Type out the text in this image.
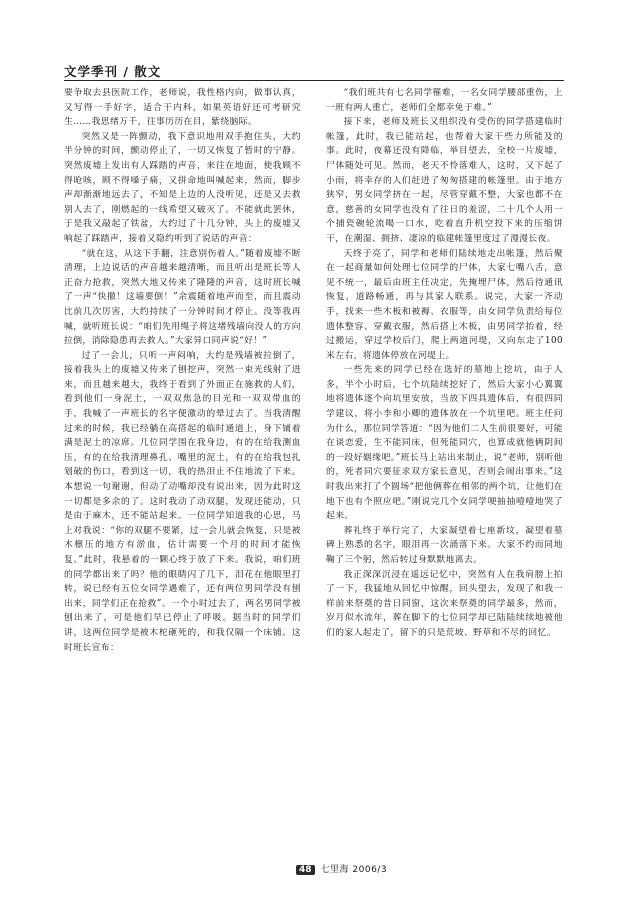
文学季刊 / 散文

要争取去县医院工作，老师说，我性格内向，做事认真，又写得一手好字，适合干内科，如果英语好还可考研究生……我思绪万千，往事历历在目，紫绕脑际。

突然又是一阵颤动，我下意识地用双手抱住头，大约半分钟的时间，颤动停止了，一切又恢复了暂时的宁静。突然废墟上发出有人踩踏的声音，来往在地面，使我顾不得呛咳，顾不得嗓子痛，又拼命地叫喊起来，然而，脚步声却渐渐地远去了，不知是上边的人没听见，还是又去救别人去了，刚燃起的一线希望又破灭了。不能就此罢休，于是我又敲起了铁盆，大约过了十几分钟，头上的废墟又响起了踩踏声，接着又隐约听到了说话的声音：

“就在这，从这下手翻，注意别伤着人。”随着废墟不断清理，上边说话的声音越来越清晰，而且听出是班长等人正奋力抢救，突然大地又传来了隆隆的声音，这时班长喊了一声“快撤！这墙要倒！”余震随着地声而至，而且震动比前几次厉害，大约持续了一分钟时间才停止。没等我再喊，就听班长说：“咱们先用绳子将这堵残墙向没人的方向拉倒，消除隐患再去救人。”大家异口同声说“好！”

过了一会儿，只听一声闷响，大约是残墙被拉倒了，接着我头上的废墟又传来了刨挖声，突然一束光线射了进来，而且越来越大，我终于看到了外面正在施救的人们，看到他们一身泥土，一双双焦急的目光和一双双带血的手，我喊了一声班长的名字便激动的晕过去了。当我清醒过来的时候，我已经躺在高搭起的临时通道上，身下铺着满是泥土的凉席。几位同学围在我身边，有的在给我测血压，有的在给我清理鼻孔、嘴里的泥土，有的在给我包扎划破的伤口，看到这一切，我的热泪止不住地流了下来。本想说一句谢谢，但动了动嘴却没有说出来，因为此时这一切都是多余的了。这时我动了动双腿，发现还能动，只是由于麻木，还不能站起来。一位同学知道我的心思，马上对我说：“你的双腿不要紧，过一会儿就会恢复，只是被木檩压的地方有淤血，估计需要一个月的时间才能恢复。”此时，我悬着的一颗心终于放了下来。我说，咱们班的同学都出来了吗？他的眼睛闪了几下，泪花在他眼里打转，说已经有五位女同学遇难了，还有两位男同学没有刨出来，同学们正在抢救”。一个小时过去了，两名男同学被刨出来了，可是他们早已停止了呼吸。据当时的同学们讲，这两位同学是被木柁砸死的，和我仅隔一个床铺。这时班长宣布：

“我们班共有七名同学罹难，一名女同学腰部重伤，上一班有两人重亡，老师们全都幸免于难。”

接下来，老师及班长又组织没有受伤的同学搭建临时帐篷，此时，我已能站起，也帮着大家干些力所能及的事。此时，夜幕还没有降临，举目望去，全校一片废墟，尸体随处可见。然而，老天不怜落难人，这时，又下起了小雨，将幸存的人们赶进了匆匆搭建的帐篷里。由于地方狭窄，男女同学挤在一起，尽管穿戴不整，大家也都不在意，慈善的女同学也没有了往日的羞涩，二十几个人用一个捕瓷碗轮流喝一口水，吃着直升机空投下来的压缩饼干，在潮湿、拥挤、凄凉的临建帐篷里度过了漫漫长夜。

天终于亮了，同学和老师们陆续地走出帐篷，然后聚在一起商量如何处理七位同学的尸体，大家七嘴八舌，意见不统一，最后由班主任决定，先掩埋尸体，然后待通讯恢复，道路畅通，再与其家人联系。说完，大家一齐动手，找来一些木板和被褥、衣服等，由女同学负责给每位遗体整容、穿戴衣服，然后搭上木板，由男同学抬着，经过搬运，穿过学校后门，爬上两道河堤，又向东走了100米左右，将遗体停放在河堤上。

一些先来的同学已经在选好的墓地上挖坑，由于人多，半个小时后，七个坑陆续挖好了，然后大家小心翼翼地将遗体逐个向坑里安放，当放下四具遗体后，有很四同学建议，将小李和小卿的遗体放在一个坑里吧。班主任问为什么，那位同学答道：“因为他们二人生前很要好，可能在谈恋爱，生不能同床，但死能同穴，也算成就他俩阴间的一段好姻缘吧。”班长马上站出来制止，说“老师，别听他的，死者同穴要征求双方家长意见，否则会闹出事来。”这时我出来打了个圆场“把他俩葬在相邻的两个坑，让他们在地下也有个照应吧。”刚说完几个女同学哽抽抽噎噎地哭了起来。

葬礼终于举行完了，大家凝望着七座新坟，凝望着墓碑上熟悉的名字，眼泪再一次涌落下来。大家不约而同地鞠了三个躬，然后转过身默默地离去。

我正深深沉浸在遥远记忆中，突然有人在我肩膀上拍了一下，我猛地从回忆中惊醒，回头望去，发现了和我一样前来祭奠的昔日同窗，这次来祭奠的同学最多，然而，岁月似水流年，葬在脚下的七位同学却已陆陆续续地被他们的家人起走了，留下的只是荒坡、野草和不尽的回忆。

48 七里海 2006/3
